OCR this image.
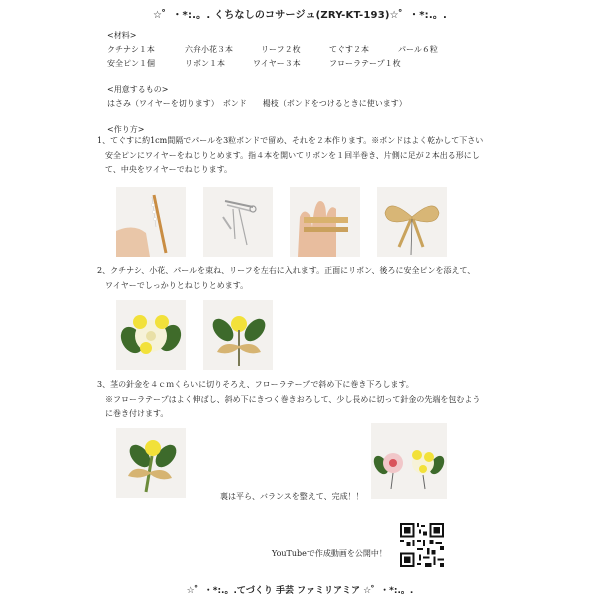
☆゜・*:.。. くちなしのコサージュ(ZRY-KT-193)☆゜・*:.。.
<材料>
クチナシ１本	六弁小花３本	リーフ２枚	てぐす２本	パール６粒
安全ピン１個	リボン１本	ワイヤー３本	フローラテープ１枚
<用意するもの>
はさみ（ワイヤーを切ります）　ボンド　　楊枝（ボンドをつけるときに使います）
<作り方>
1、てぐすに約1cm間隔でパールを3粒ボンドで留め、それを２本作ります。※ボンドはよく乾かして下さい
　安全ピンにワイヤーをねじりとめます。指４本を開いてリボンを１回半巻き、片側に足が２本出る形にし
　て、中央をワイヤーでねじります。
2、クチナシ、小花、パールを束ね、リーフを左右に入れます。正面にリボン、後ろに安全ピンを添えて、
　ワイヤーでしっかりとねじりとめます。
3、茎の針金を４ｃｍくらいに切りそろえ、フローラテープで斜め下に巻き下ろします。
　※フローラテープはよく伸ばし、斜め下にきつく巻きおろして、少し長めに切って針金の先端を包むよう
　に巻き付けます。
裏は平ら、バランスを整えて、完成！！
YouTubeで作成動画を公開中！
☆゜・*:.。.てづくり 手芸 ファミリアミア ☆゜・*:.。.
